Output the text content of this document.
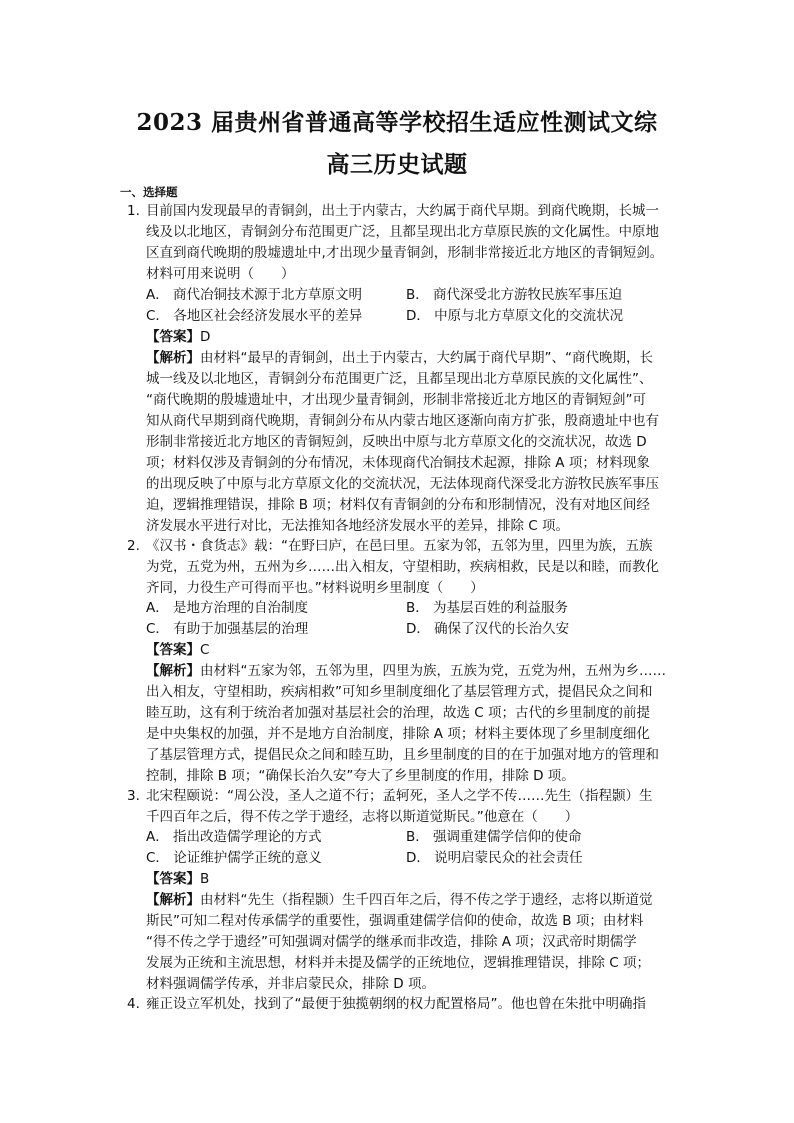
2023 届贵州省普通高等学校招生适应性测试文综
高三历史试题
一、选择题
1. 目前国内发现最早的青铜剑，出土于内蒙古，大约属于商代早期。到商代晚期，长城一
线及以北地区，青铜剑分布范围更广泛，且都呈现出北方草原民族的文化属性。中原地
区直到商代晚期的殷墟遗址中,才出现少量青铜剑，形制非常接近北方地区的青铜短剑。
材料可用来说明（　　）
A． 商代冶铜技术源于北方草原文明	B． 商代深受北方游牧民族军事压迫
C． 各地区社会经济发展水平的差异	D． 中原与北方草原文化的交流状况
【答案】D
【解析】由材料“最早的青铜剑，出土于内蒙古，大约属于商代早期”、“商代晚期，长
城一线及以北地区，青铜剑分布范围更广泛，且都呈现出北方草原民族的文化属性”、
“商代晚期的殷墟遗址中，才出现少量青铜剑，形制非常接近北方地区的青铜短剑”可
知从商代早期到商代晚期，青铜剑分布从内蒙古地区逐渐向南方扩张，殷商遗址中也有
形制非常接近北方地区的青铜短剑，反映出中原与北方草原文化的交流状况，故选 D
项；材料仅涉及青铜剑的分布情况，未体现商代冶铜技术起源，排除 A 项；材料现象
的出现反映了中原与北方草原文化的交流状况，无法体现商代深受北方游牧民族军事压
迫，逻辑推理错误，排除 B 项；材料仅有青铜剑的分布和形制情况，没有对地区间经
济发展水平进行对比，无法推知各地经济发展水平的差异，排除 C 项。
2. 《汉书・食货志》载：“在野曰庐，在邑曰里。五家为邻，五邻为里，四里为族，五族
为党，五党为州，五州为乡……出入相友，守望相助，疾病相救，民是以和睦，而教化
齐同，力役生产可得而平也。”材料说明乡里制度（　　）
A． 是地方治理的自治制度	B． 为基层百姓的利益服务
C． 有助于加强基层的治理	D． 确保了汉代的长治久安
【答案】C
【解析】由材料“五家为邻，五邻为里，四里为族，五族为党，五党为州，五州为乡……
出入相友，守望相助，疾病相救”可知乡里制度细化了基层管理方式，提倡民众之间和
睦互助，这有利于统治者加强对基层社会的治理，故选 C 项；古代的乡里制度的前提
是中央集权的加强，并不是地方自治制度，排除 A 项；材料主要体现了乡里制度细化
了基层管理方式，提倡民众之间和睦互助，且乡里制度的目的在于加强对地方的管理和
控制，排除 B 项；“确保长治久安”夸大了乡里制度的作用，排除 D 项。
3. 北宋程颐说：“周公没，圣人之道不行；孟轲死，圣人之学不传……先生（指程颢）生
千四百年之后，得不传之学于遗经，志将以斯道觉斯民。”他意在（　　）
A． 指出改造儒学理论的方式	B． 强调重建儒学信仰的使命
C． 论证维护儒学正统的意义	D． 说明启蒙民众的社会责任
【答案】B
【解析】由材料“先生（指程颢）生千四百年之后，得不传之学于遗经，志将以斯道觉
斯民”可知二程对传承儒学的重要性，强调重建儒学信仰的使命，故选 B 项；由材料
“得不传之学于遗经”可知强调对儒学的继承而非改造，排除 A 项；汉武帝时期儒学
发展为正统和主流思想，材料并未提及儒学的正统地位，逻辑推理错误，排除 C 项；
材料强调儒学传承，并非启蒙民众，排除 D 项。
4. 雍正设立军机处，找到了“最便于独揽朝纲的权力配置格局”。他也曾在朱批中明确指
